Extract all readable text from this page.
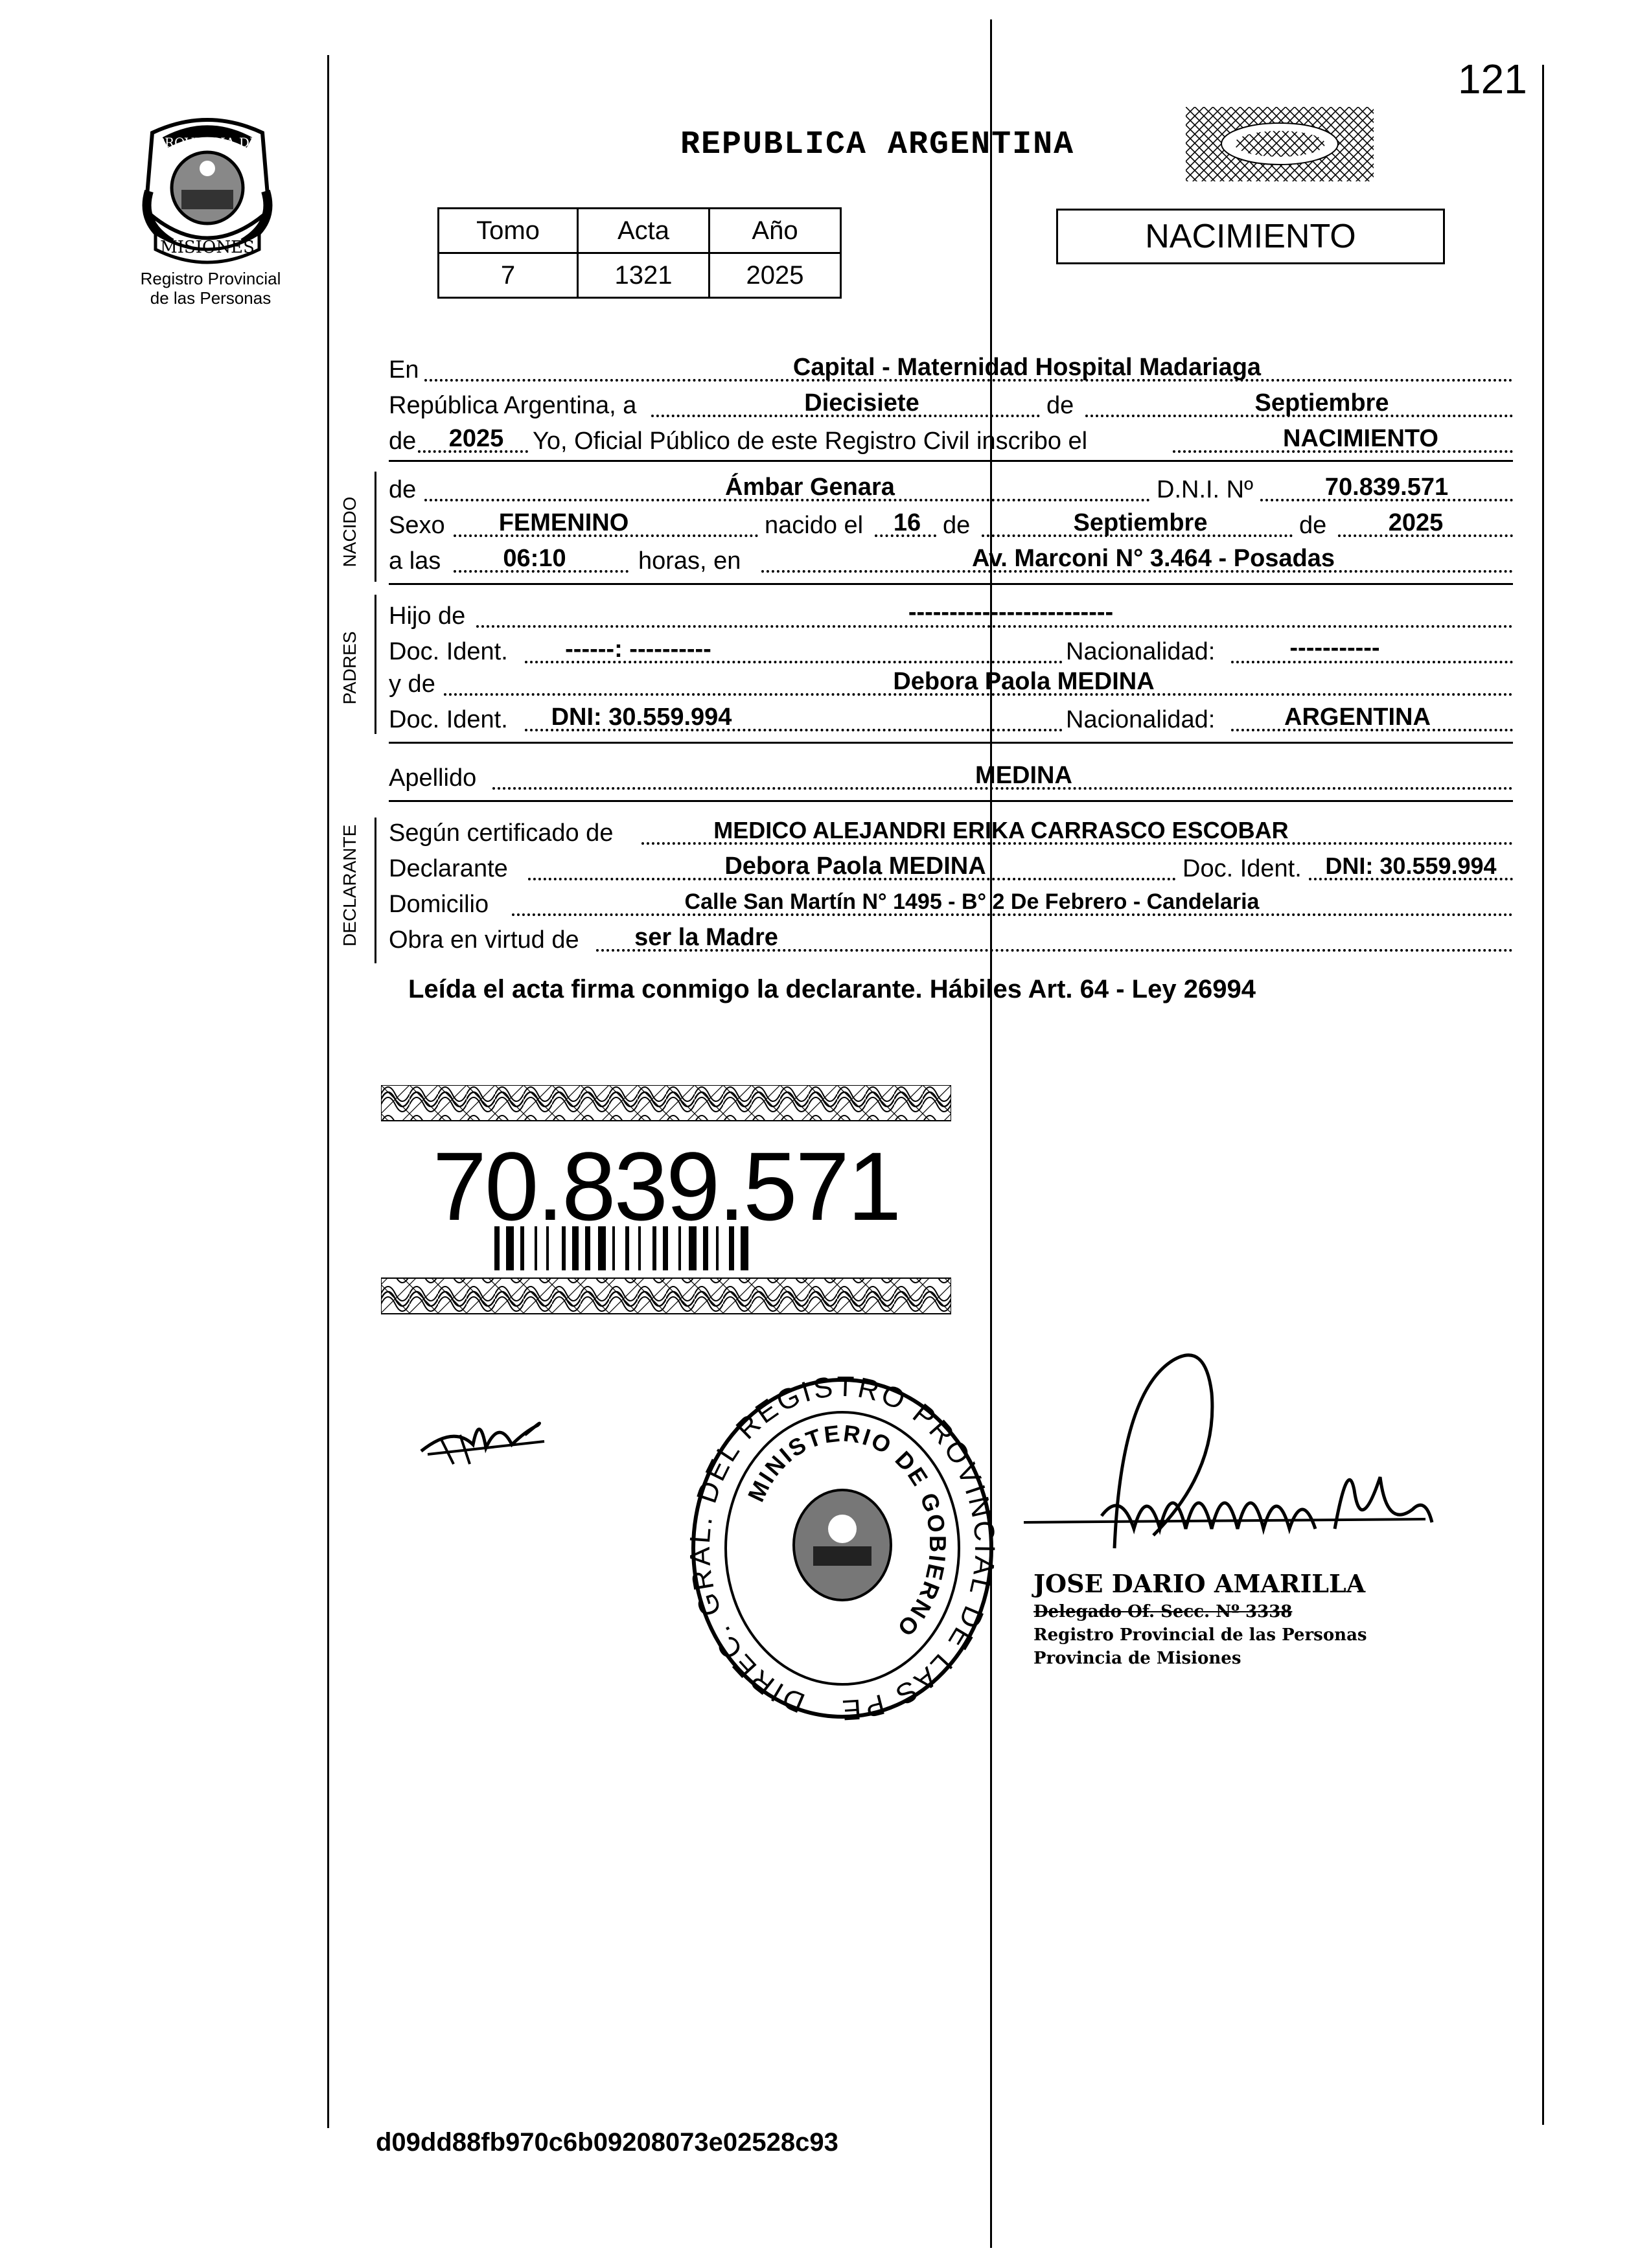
121
PROVINCIA DE
MISIONES
Registro Provincial
de las Personas
REPUBLICA ARGENTINA
Tomo	Acta	Año
7	1321	2025
NACIMIENTO
En	Capital - Maternidad Hospital Madariaga
República Argentina, a	Diecisiete	de	Septiembre
de	2025	Yo, Oficial Público de este Registro Civil inscribo el	NACIMIENTO
NACIDO
de	Ámbar Genara	D.N.I. Nº	70.839.571
Sexo	FEMENINO	nacido el	16 de	Septiembre	de	2025
a las	06:10	horas, en	Av. Marconi N° 3.464 - Posadas
PADRES
Hijo de	-------------------------
Doc. Ident.	------: ----------	Nacionalidad:	-----------
y de	Debora Paola MEDINA
Doc. Ident.	DNI: 30.559.994	Nacionalidad:	ARGENTINA
Apellido	MEDINA
DECLARANTE Según certificado de	MEDICO ALEJANDRI ERIKA CARRASCO ESCOBAR
Declarante	Debora Paola MEDINA	Doc. Ident.	DNI: 30.559.994
Domicilio	Calle San Martín N° 1495 - B° 2 De Febrero - Candelaria
Obra en virtud de	ser la Madre
Leída el acta firma conmigo la declarante. Hábiles Art. 64 - Ley 26994
70.839.571
DIREC. GRAL. DEL REGISTRO PROVINCIAL DE LAS PE
MINISTERIO DE GOBIERNO
JOSE DARIO AMARILLA
Delegado Of. Secc. Nº 3338
Registro Provincial de las Personas
Provincia de Misiones
d09dd88fb970c6b09208073e02528c93
